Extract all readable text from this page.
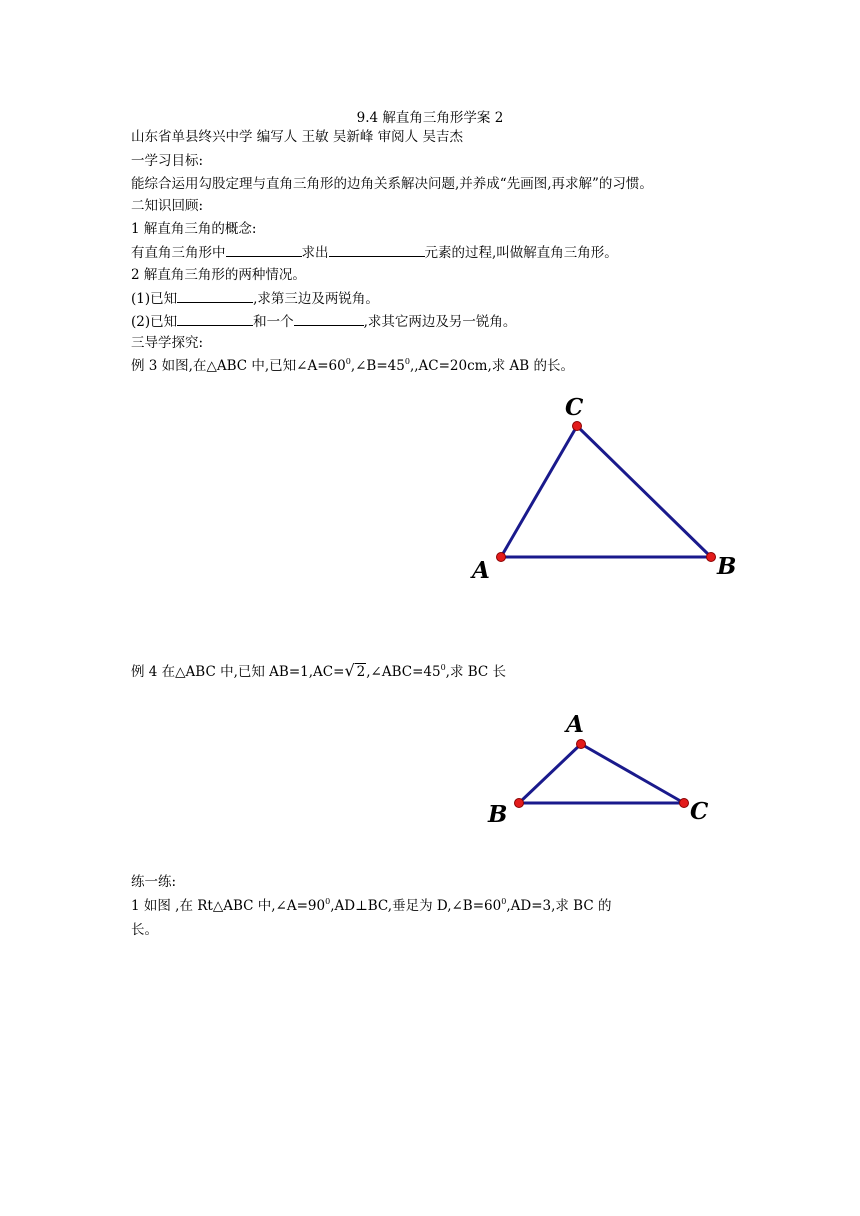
9.4 解直角三角形学案 2
山东省单县终兴中学 编写人 王敏 吴新峰 审阅人 吴吉杰
一学习目标:
能综合运用勾股定理与直角三角形的边角关系解决问题,并养成“先画图,再求解”的习惯。
二知识回顾:
1 解直角三角的概念:
有直角三角形中	求出	元素的过程,叫做解直角三角形。
2 解直角三角形的两种情况。
(1)已知	,求第三边及两锐角。
(2)已知	和一个	,求其它两边及另一锐角。
三导学探究:
例 3 如图,在△ABC 中,已知$\angle A=60^0,\angle B=45^0,,AC=20cm$,求 AB 的长。
例 4 在△ABC 中,已知 AB=1,AC=√ $2,\angle ABC=45^0$,求 BC 长
练一练:
1 如图 ,在 Rt△ABC 中$,\angle A=90^0,AD\perp BC$,垂足为 $D,\angle B=60^0,AD=3$,求 BC 的
长。
C
A	B
A
B	C
